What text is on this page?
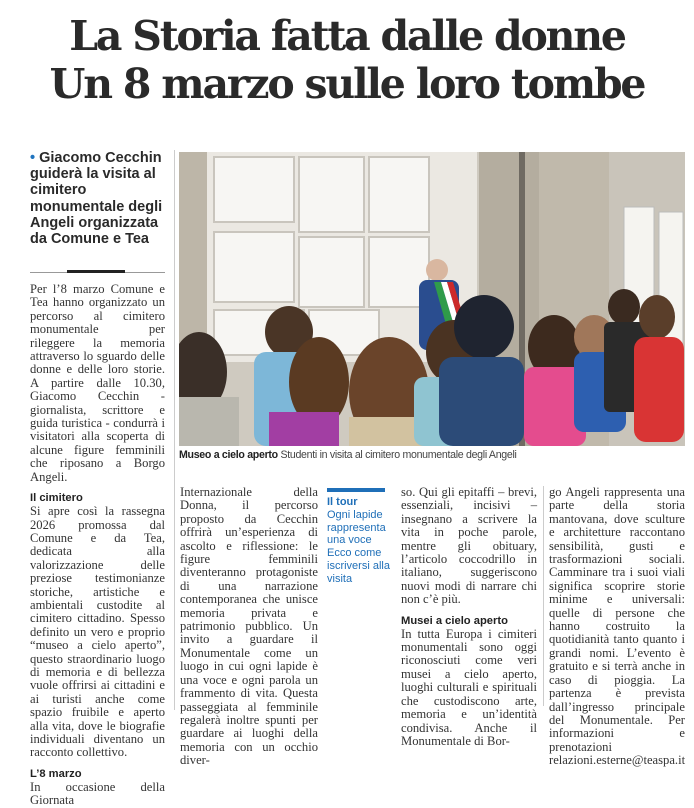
La Storia fatta dalle donne
Un 8 marzo sulle loro tombe
• Giacomo Cecchin guiderà la visita al cimitero monumentale degli Angeli organizzata da Comune e Tea

Per l’8 marzo Comune e Tea hanno organizzato un percorso al cimitero monumentale per rileggere la memoria attraverso lo sguardo delle donne e delle loro storie. A partire dalle 10.30, Giacomo Cecchin - giornalista, scrittore e guida turistica - condurrà i visitatori alla scoperta di alcune figure femminili che riposano a Borgo Angeli.

Il cimitero

Si apre così la rassegna 2026 promossa dal Comune e da Tea, dedicata alla valorizzazione delle preziose testimonianze storiche, artistiche e ambientali custodite al cimitero cittadino. Spesso definito un vero e proprio “museo a cielo aperto”, questo straordinario luogo di memoria e di bellezza vuole offrirsi ai cittadini e ai turisti anche come spazio fruibile e aperto alla vita, dove le biografie individuali diventano un racconto collettivo.

L’8 marzo

In occasione della Giornata

Museo a cielo aperto Studenti in visita al cimitero monumentale degli Angeli

Internazionale della Donna, il percorso proposto da Cecchin offrirà un’esperienza di ascolto e riflessione: le figure femminili diventeranno protagoniste di una narrazione contemporanea che unisce memoria privata e patrimonio pubblico. Un invito a guardare il Monumentale come un luogo in cui ogni lapide è una voce e ogni parola un frammento di vita. Questa passeggiata al femminile regalerà inoltre spunti per guardare ai luoghi della memoria con un occhio diver-

Il tour
Ogni lapide rappresenta una voce Ecco come iscriversi alla visita

so. Qui gli epitaffi – brevi, essenziali, incisivi – insegnano a scrivere la vita in poche parole, mentre gli obituary, l’articolo coccodrillo in italiano, suggeriscono nuovi modi di narrare chi non c’è più.

Musei a cielo aperto

In tutta Europa i cimiteri monumentali sono oggi riconosciuti come veri musei a cielo aperto, luoghi culturali e spirituali che custodiscono arte, memoria e un’identità condivisa. Anche il Monumentale di Bor-

go Angeli rappresenta una parte della storia mantovana, dove sculture e architetture raccontano sensibilità, gusti e trasformazioni sociali. Camminare tra i suoi viali significa scoprire storie minime e universali: quelle di persone che hanno costruito la quotidianità tanto quanto i grandi nomi. L’evento è gratuito e si terrà anche in caso di pioggia. La partenza è prevista dall’ingresso principale del Monumentale. Per informazioni e prenotazioni relazioni.esterne@teaspa.it
